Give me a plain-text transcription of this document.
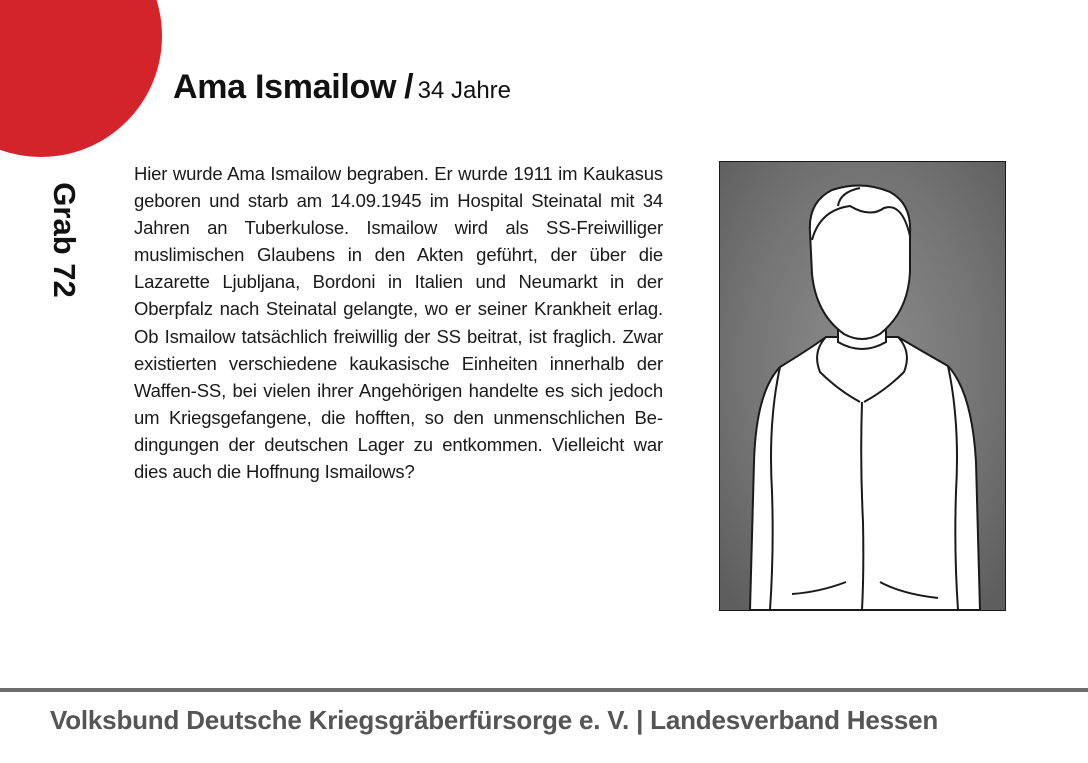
Ama Ismailow / 34 Jahre
Grab 72
Hier wurde Ama Ismailow begraben. Er wurde 1911 im Kaukasus geboren und starb am 14.09.1945 im Hospital Steinatal mit 34 Jahren an Tuberkulose. Ismailow wird als SS-Freiwilliger muslimischen Glaubens in den Akten geführt, der über die Lazarette Ljubljana, Bordoni in Italien und Neumarkt in der Oberpfalz nach Steinatal gelangte, wo er seiner Krankheit erlag. Ob Ismailow tatsächlich freiwillig der SS beitrat, ist fraglich. Zwar existierten verschiedene kaukasische Einheiten innerhalb der Waffen-SS, bei vielen ihrer Angehörigen handelte es sich jedoch um Kriegsgefangene, die hofften, so den unmenschlichen Bedingungen der deutschen Lager zu entkommen. Vielleicht war dies auch die Hoffnung Ismailows?
Volksbund Deutsche Kriegsgräberfürsorge e. V. | Landesverband Hessen
